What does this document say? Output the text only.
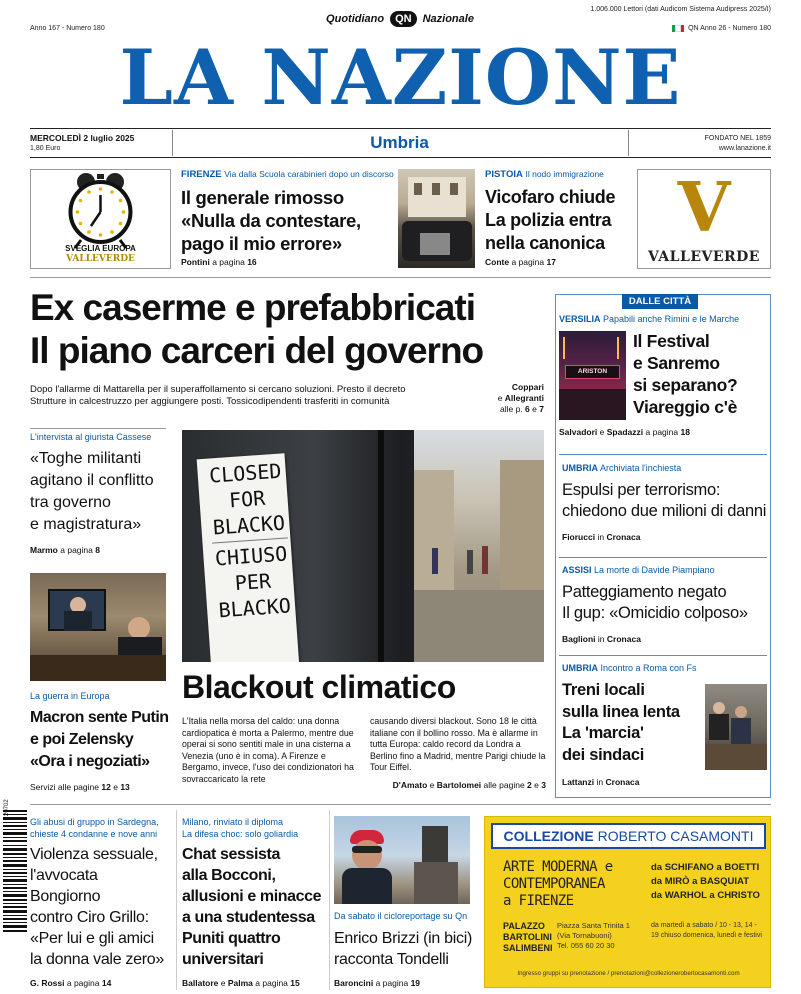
Anno 167 - Numero 180
Quotidiano	QN	Nazionale
1.006.000 Lettori (dati Audicom Sistema Audipress 2025/I)
QN Anno 26 - Numero 180
LA NAZIONE
MERCOLEDÌ 2 luglio 2025
1,80 Euro	Umbria	FONDATO NEL 1859
www.lanazione.it
SVEGLIA EUROPA
VALLEVERDE
FIRENZE Via dalla Scuola carabinieri dopo un discorso
Il generale rimosso
«Nulla da contestare,
pago il mio errore»
Pontini a pagina 16
PISTOIA Il nodo immigrazione
Vicofaro chiude
La polizia entra
nella canonica
Conte a pagina 17
V
VALLEVERDE
Ex caserme e prefabbricati
Il piano carceri del governo
Dopo l'allarme di Mattarella per il superaffollamento si cercano soluzioni. Presto il decreto
Strutture in calcestruzzo per aggiungere posti. Tossicodipendenti trasferiti in comunità
Coppari
e Allegranti
alle p. 6 e 7
L'intervista al giurista Cassese
«Toghe militanti
agitano il conflitto
tra governo
e magistratura»
Marmo a pagina 8
La guerra in Europa
Macron sente Putin
e poi Zelensky
«Ora i negoziati»
Servizi alle pagine 12 e 13
CLOSED
FOR
BLACKO
CHIUSO
PER
BLACKO
Blackout climatico
L'Italia nella morsa del caldo: una donna cardiopatica è morta a Palermo, mentre due operai si sono sentiti male in una cisterna a Venezia (uno è in coma). A Firenze e Bergamo, invece, l'uso dei condizionatori ha sovraccaricato la rete
causando diversi blackout. Sono 18 le città italiane con il bollino rosso. Ma è allarme in tutta Europa: caldo record da Londra a Berlino fino a Madrid, mentre Parigi chiude la Tour Eiffel.
D'Amato e Bartolomei alle pagine 2 e 3
DALLE CITTÀ
VERSILIA Papabili anche Rimini e le Marche
ARISTON
Il Festival
e Sanremo
si separano?
Viareggio c'è
Salvadori e Spadazzi a pagina 18
UMBRIA Archiviata l'inchiesta
Espulsi per terrorismo:
chiedono due milioni di danni
Fiorucci in Cronaca
ASSISI La morte di Davide Piampiano
Patteggiamento negato
Il gup: «Omicidio colposo»
Baglioni in Cronaca
UMBRIA Incontro a Roma con Fs
Treni locali
sulla linea lenta
La 'marcia'
dei sindaci
Lattanzi in Cronaca
20702
Gli abusi di gruppo in Sardegna,
chieste 4 condanne e nove anni
Violenza sessuale,
l'avvocata
Bongiorno
contro Ciro Grillo:
«Per lui e gli amici
la donna vale zero»
G. Rossi a pagina 14
Milano, rinviato il diploma
La difesa choc: solo goliardia
Chat sessista
alla Bocconi,
allusioni e minacce
a una studentessa
Puniti quattro
universitari
Ballatore e Palma a pagina 15
Da sabato il cicloreportage su Qn
Enrico Brizzi (in bici)
racconta Tondelli
Baroncini a pagina 19
COLLEZIONE ROBERTO CASAMONTI
ARTE MODERNA e
CONTEMPORANEA
a FIRENZE
da SCHIFANO a BOETTI
da MIRÒ a BASQUIAT
da WARHOL a CHRISTO
PALAZZO BARTOLINI SALIMBENI
Piazza Santa Trinita 1 (Via Tornabuoni)
Tel. 055 60 20 30
da martedì a sabato / 10 - 13, 14 - 19 chiuso domenica, lunedì e festivi
Ingresso gruppi su prenotazione / prenotazioni@collezionerobertocasamonti.com
